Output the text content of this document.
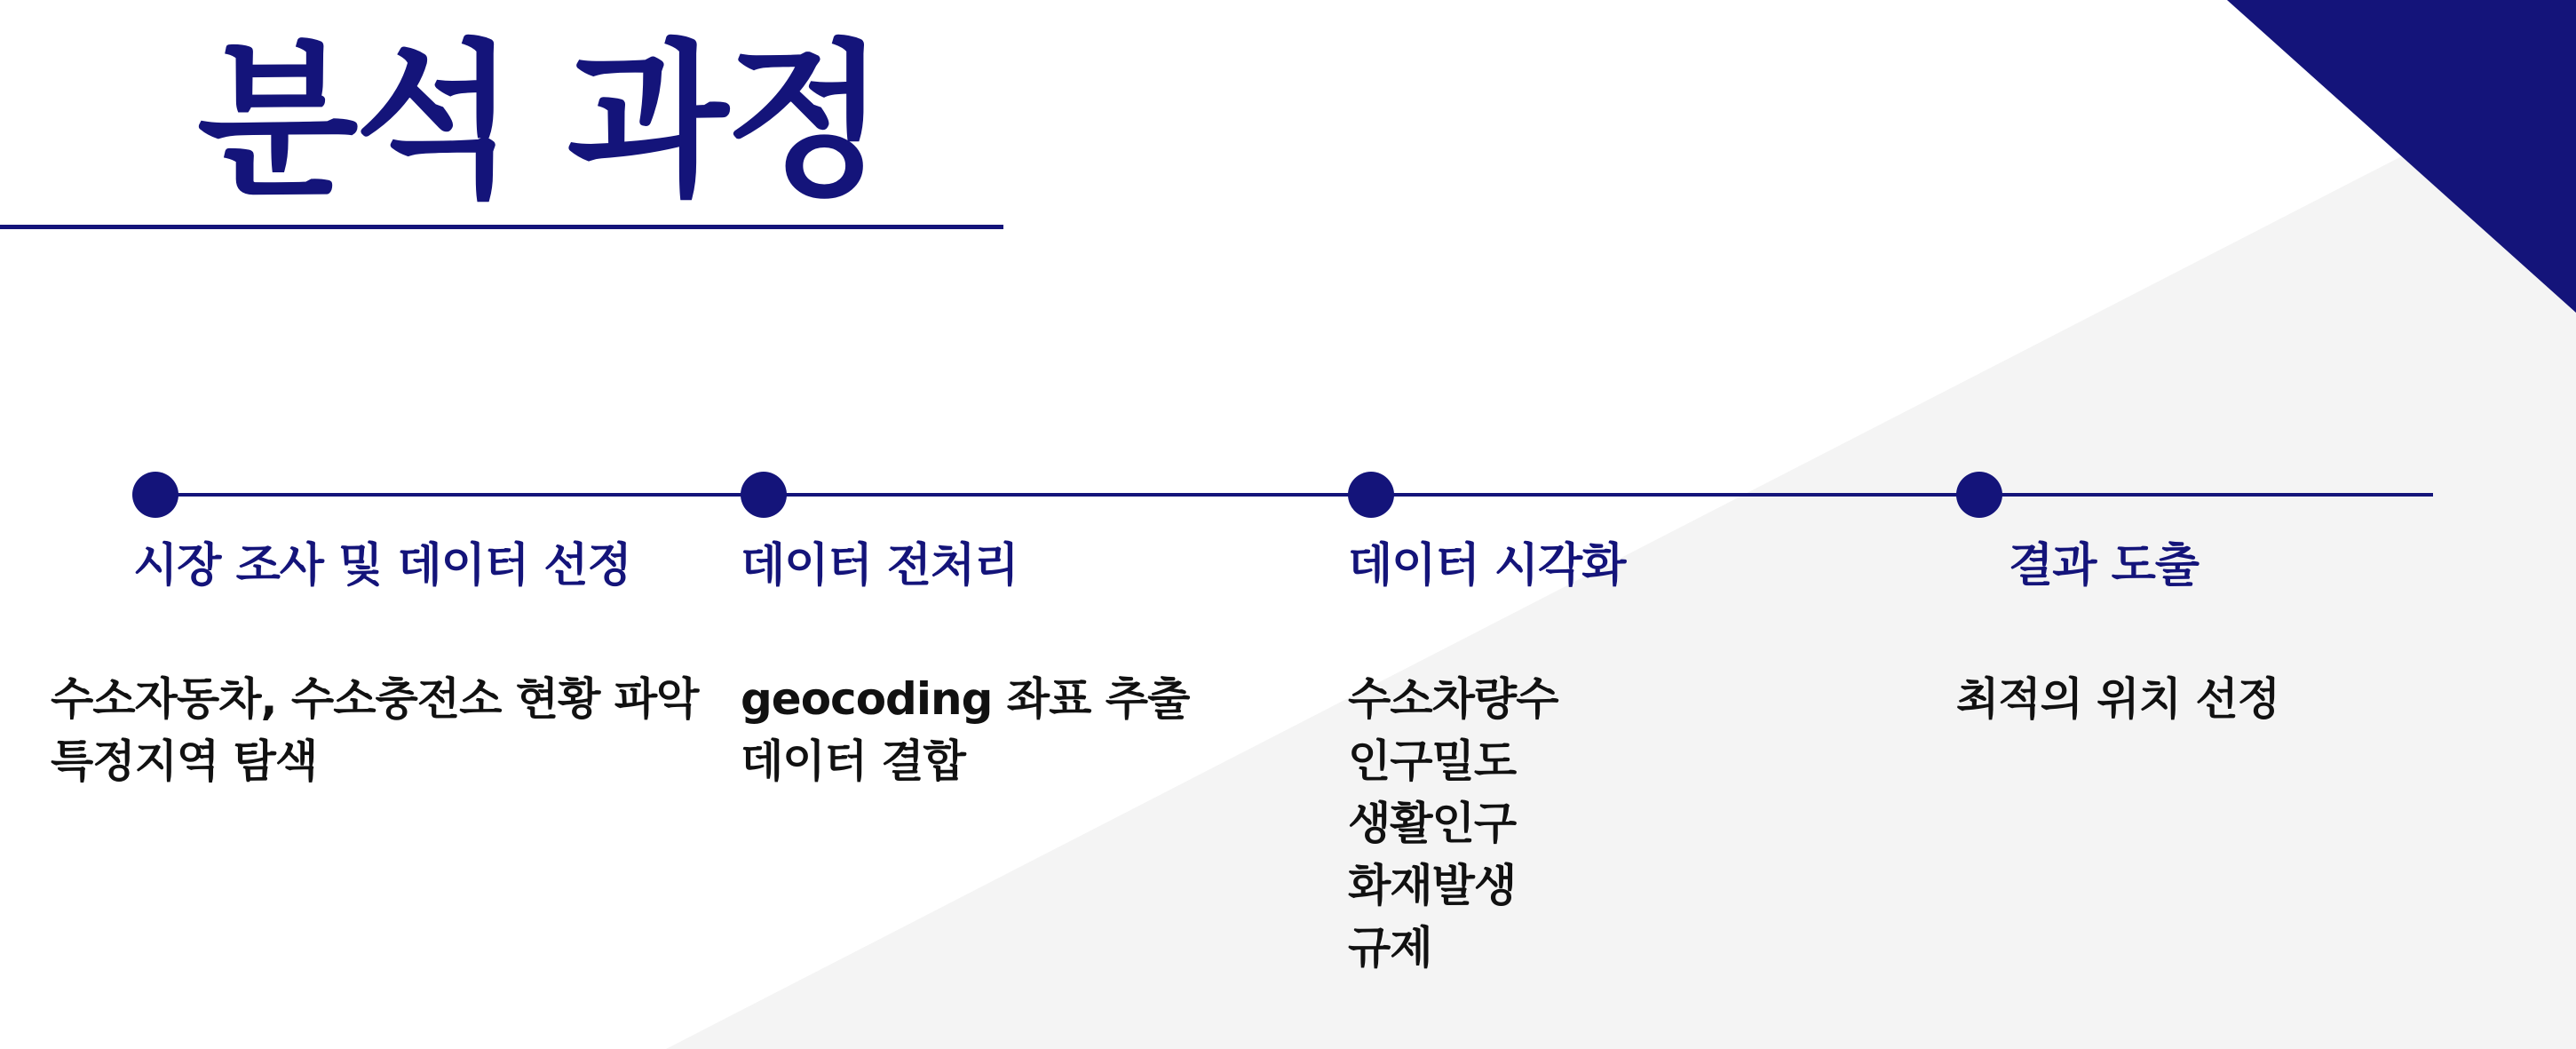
분석 과정
시장 조사 및 데이터 선정
수소자동차, 수소충전소 현황 파악
특정지역 탐색
데이터 전처리
geocoding 좌표 추출
데이터 결합
데이터 시각화
수소차량수
인구밀도
생활인구
화재발생
규제
결과 도출
최적의 위치 선정
